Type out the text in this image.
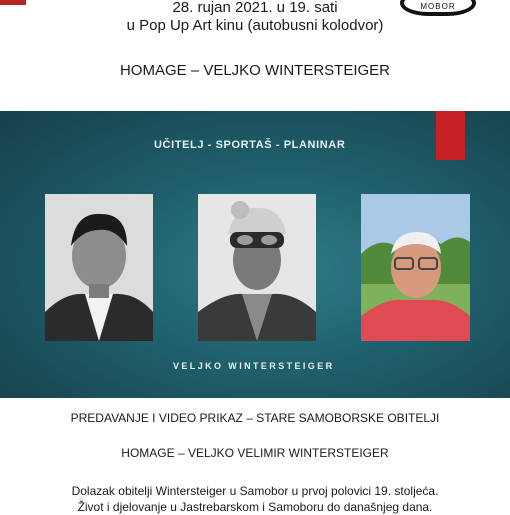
MOBOR
28. rujan 2021. u 19. sati
u Pop Up Art kinu (autobusni kolodvor)
HOMAGE – VELJKO WINTERSTEIGER
UČITELJ - SPORTAŠ - PLANINAR
VELJKO WINTERSTEIGER
PREDAVANJE I VIDEO PRIKAZ – STARE SAMOBORSKE OBITELJI
HOMAGE – VELJKO VELIMIR WINTERSTEIGER
Dolazak obitelji Wintersteiger u Samobor u prvoj polovici 19. stoljeća.
Život i djelovanje u Jastrebarskom i Samoboru do današnjeg dana.
